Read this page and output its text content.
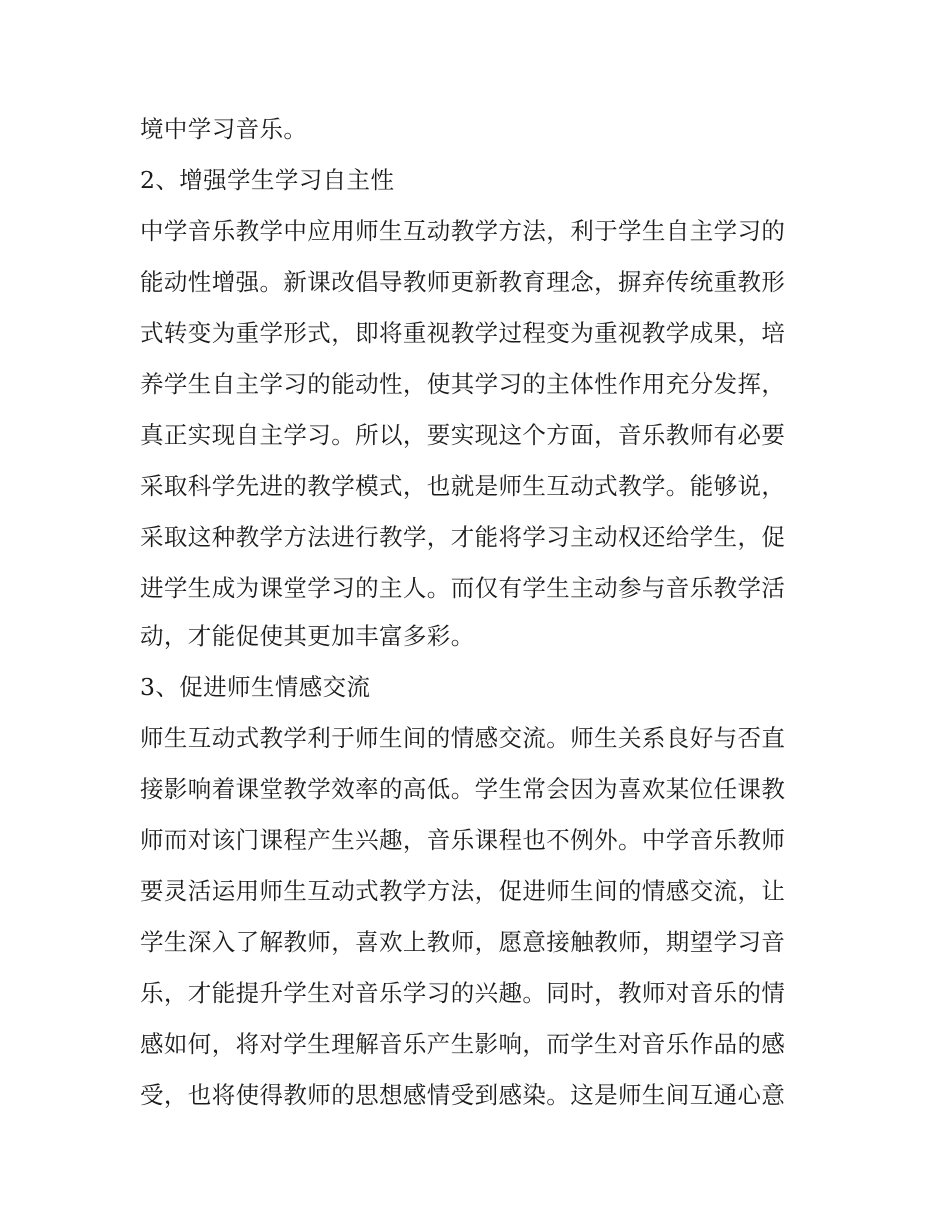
境中学习音乐。
2、增强学生学习自主性
中学音乐教学中应用师生互动教学方法，利于学生自主学习的
能动性增强。新课改倡导教师更新教育理念，摒弃传统重教形
式转变为重学形式，即将重视教学过程变为重视教学成果，培
养学生自主学习的能动性，使其学习的主体性作用充分发挥，
真正实现自主学习。所以，要实现这个方面，音乐教师有必要
采取科学先进的教学模式，也就是师生互动式教学。能够说，
采取这种教学方法进行教学，才能将学习主动权还给学生，促
进学生成为课堂学习的主人。而仅有学生主动参与音乐教学活
动，才能促使其更加丰富多彩。
3、促进师生情感交流
师生互动式教学利于师生间的情感交流。师生关系良好与否直
接影响着课堂教学效率的高低。学生常会因为喜欢某位任课教
师而对该门课程产生兴趣，音乐课程也不例外。中学音乐教师
要灵活运用师生互动式教学方法，促进师生间的情感交流，让
学生深入了解教师，喜欢上教师，愿意接触教师，期望学习音
乐，才能提升学生对音乐学习的兴趣。同时，教师对音乐的情
感如何，将对学生理解音乐产生影响，而学生对音乐作品的感
受，也将使得教师的思想感情受到感染。这是师生间互通心意
